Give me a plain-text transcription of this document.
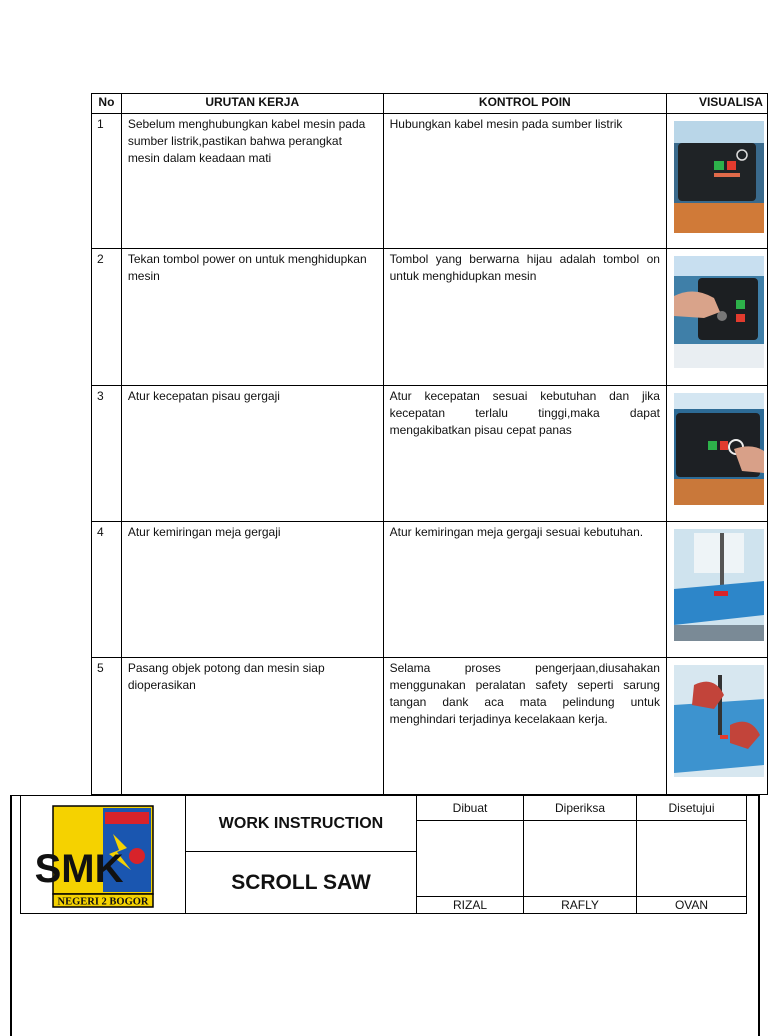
No	URUTAN KERJA	KONTROL POIN	VISUALISA
1	Sebelum menghubungkan kabel mesin pada sumber listrik,pastikan bahwa perangkat mesin dalam keadaan mati	Hubungkan kabel mesin pada sumber listrik	

2	Tekan tombol power on untuk menghidupkan mesin	Tombol yang berwarna hijau adalah tombol on untuk menghidupkan mesin	

3	Atur kecepatan pisau gergaji	Atur kecepatan sesuai kebutuhan dan jika kecepatan terlalu tinggi,maka dapat mengakibatkan pisau cepat panas	

4	Atur kemiringan meja gergaji	Atur kemiringan meja gergaji sesuai kebutuhan.	

5	Pasang objek potong dan mesin siap dioperasikan	Selama proses pengerjaan,diusahakan menggunakan peralatan safety seperti sarung tangan dank aca mata pelindung untuk menghindari terjadinya kecelakaan kerja.	
SMK
NEGERI 2 BOGOR	WORK INSTRUCTION	Dibuat	Diperiksa	Disetujui

	SCROLL SAW			
		RIZAL	RAFLY	OVAN
